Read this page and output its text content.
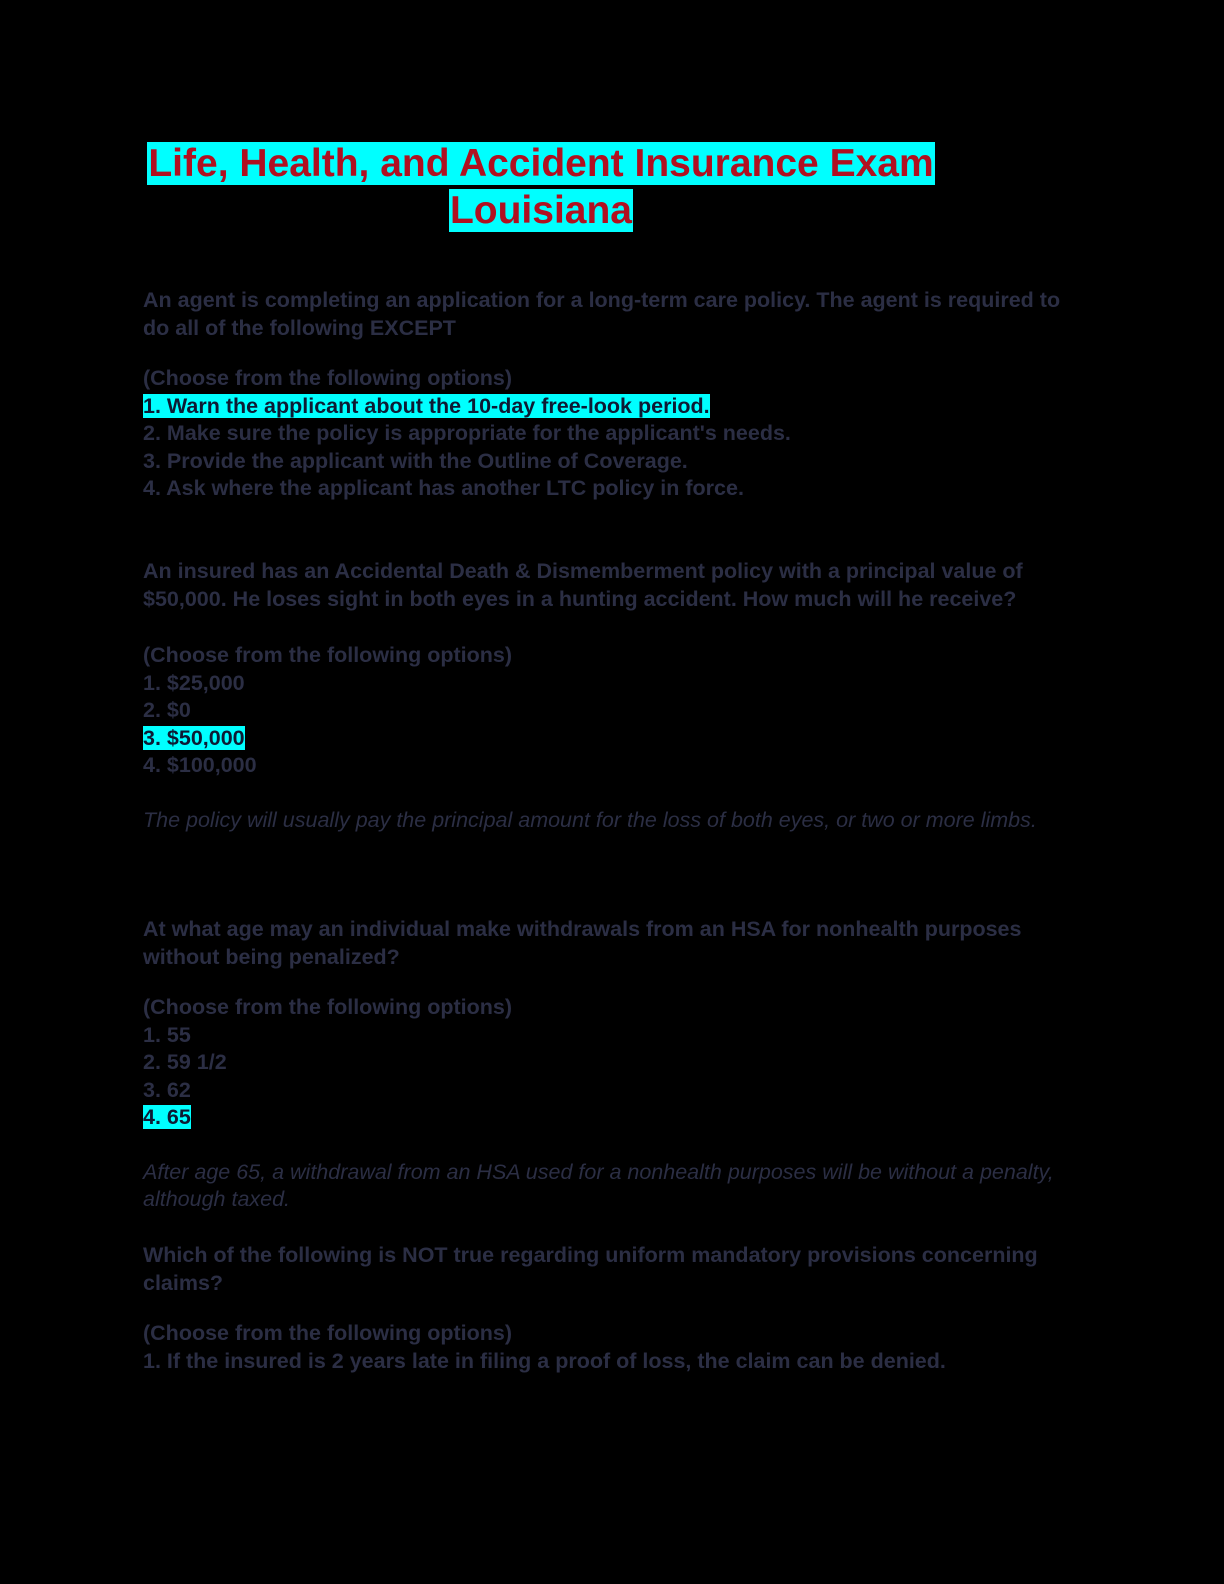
Life, Health, and Accident Insurance Exam
Louisiana

An agent is completing an application for a long-term care policy. The agent is required to do all of the following EXCEPT

(Choose from the following options)
1. Warn the applicant about the 10-day free-look period.
2. Make sure the policy is appropriate for the applicant's needs.
3. Provide the applicant with the Outline of Coverage.
4. Ask where the applicant has another LTC policy in force.

An insured has an Accidental Death & Dismemberment policy with a principal value of $50,000. He loses sight in both eyes in a hunting accident. How much will he receive?

(Choose from the following options)
1. $25,000
2. $0
3. $50,000
4. $100,000

The policy will usually pay the principal amount for the loss of both eyes, or two or more limbs.

At what age may an individual make withdrawals from an HSA for nonhealth purposes without being penalized?

(Choose from the following options)
1. 55
2. 59 1/2
3. 62
4. 65

After age 65, a withdrawal from an HSA used for a nonhealth purposes will be without a penalty, although taxed.

Which of the following is NOT true regarding uniform mandatory provisions concerning claims?

(Choose from the following options)
1. If the insured is 2 years late in filing a proof of loss, the claim can be denied.
